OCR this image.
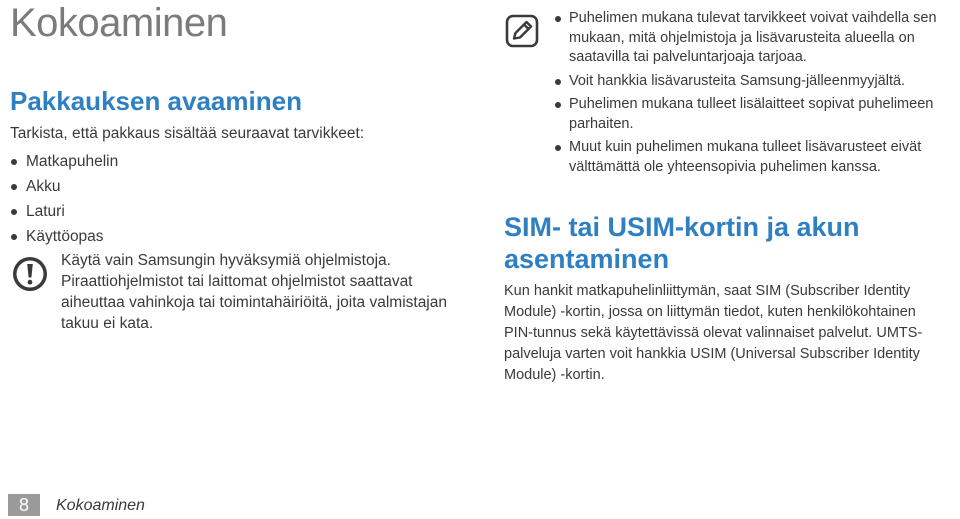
Kokoaminen
Pakkauksen avaaminen

Tarkista, että pakkaus sisältää seuraavat tarvikkeet:

Matkapuhelin
Akku
Laturi
Käyttöopas

Käytä vain Samsungin hyväksymiä ohjelmistoja.

Piraattiohjelmistot tai laittomat ohjelmistot saattavat

aiheuttaa vahinkoja tai toimintahäiriöitä, joita valmistajan

takuu ei kata.

Puhelimen mukana tulevat tarvikkeet voivat vaihdella sen mukaan, mitä ohjelmistoja ja lisävarusteita alueella on saatavilla tai palveluntarjoaja tarjoaa.
Voit hankkia lisävarusteita Samsung-jälleenmyyjältä.
Puhelimen mukana tulleet lisälaitteet sopivat puhelimeen parhaiten.
Muut kuin puhelimen mukana tulleet lisävarusteet eivät välttämättä ole yhteensopivia puhelimen kanssa.
SIM- tai USIM-kortin ja akun asentaminen

Kun hankit matkapuhelinliittymän, saat SIM (Subscriber Identity Module) -kortin, jossa on liittymän tiedot, kuten henkilökohtainen PIN-tunnus sekä käytettävissä olevat valinnaiset palvelut. UMTS-palveluja varten voit hankkia USIM (Universal Subscriber Identity Module) -kortin.

8	Kokoaminen
